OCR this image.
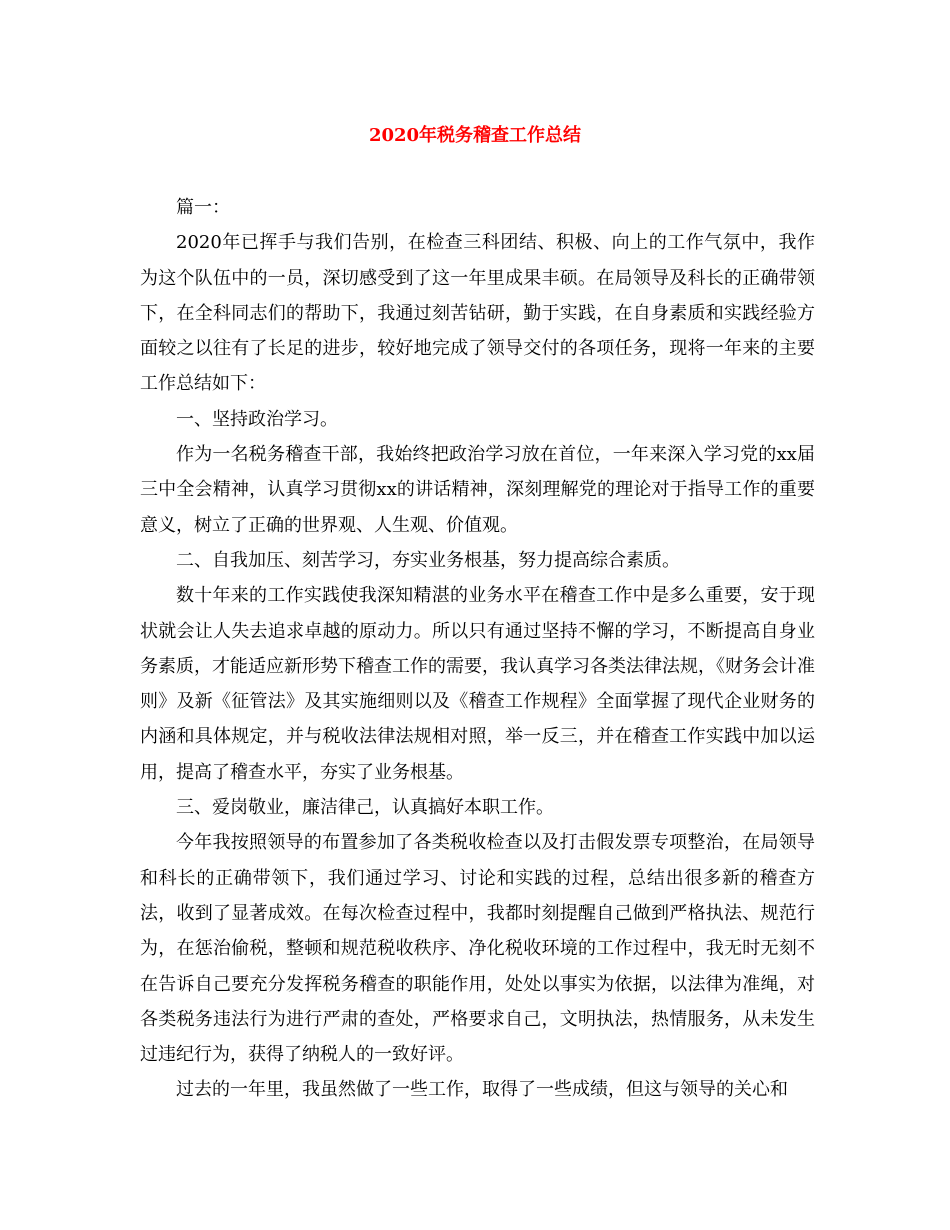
2020年税务稽查工作总结

篇一：

2020年已挥手与我们告别，在检查三科团结、积极、向上的工作气氛中，我作为这个队伍中的一员，深切感受到了这一年里成果丰硕。在局领导及科长的正确带领下，在全科同志们的帮助下，我通过刻苦钻研，勤于实践，在自身素质和实践经验方面较之以往有了长足的进步，较好地完成了领导交付的各项任务，现将一年来的主要工作总结如下：

一、坚持政治学习。

作为一名税务稽查干部，我始终把政治学习放在首位，一年来深入学习党的xx届三中全会精神，认真学习贯彻xx的讲话精神，深刻理解党的理论对于指导工作的重要意义，树立了正确的世界观、人生观、价值观。

二、自我加压、刻苦学习，夯实业务根基，努力提高综合素质。

数十年来的工作实践使我深知精湛的业务水平在稽查工作中是多么重要，安于现状就会让人失去追求卓越的原动力。所以只有通过坚持不懈的学习，不断提高自身业务素质，才能适应新形势下稽查工作的需要，我认真学习各类法律法规，《财务会计准则》及新《征管法》及其实施细则以及《稽查工作规程》全面掌握了现代企业财务的内涵和具体规定，并与税收法律法规相对照，举一反三，并在稽查工作实践中加以运用，提高了稽查水平，夯实了业务根基。

三、爱岗敬业，廉洁律己，认真搞好本职工作。

今年我按照领导的布置参加了各类税收检查以及打击假发票专项整治，在局领导和科长的正确带领下，我们通过学习、讨论和实践的过程，总结出很多新的稽查方法，收到了显著成效。在每次检查过程中，我都时刻提醒自己做到严格执法、规范行为，在惩治偷税，整顿和规范税收秩序、净化税收环境的工作过程中，我无时无刻不在告诉自己要充分发挥税务稽查的职能作用，处处以事实为依据，以法律为准绳，对各类税务违法行为进行严肃的查处，严格要求自己，文明执法，热情服务，从未发生过违纪行为，获得了纳税人的一致好评。

过去的一年里，我虽然做了一些工作，取得了一些成绩，但这与领导的关心和
